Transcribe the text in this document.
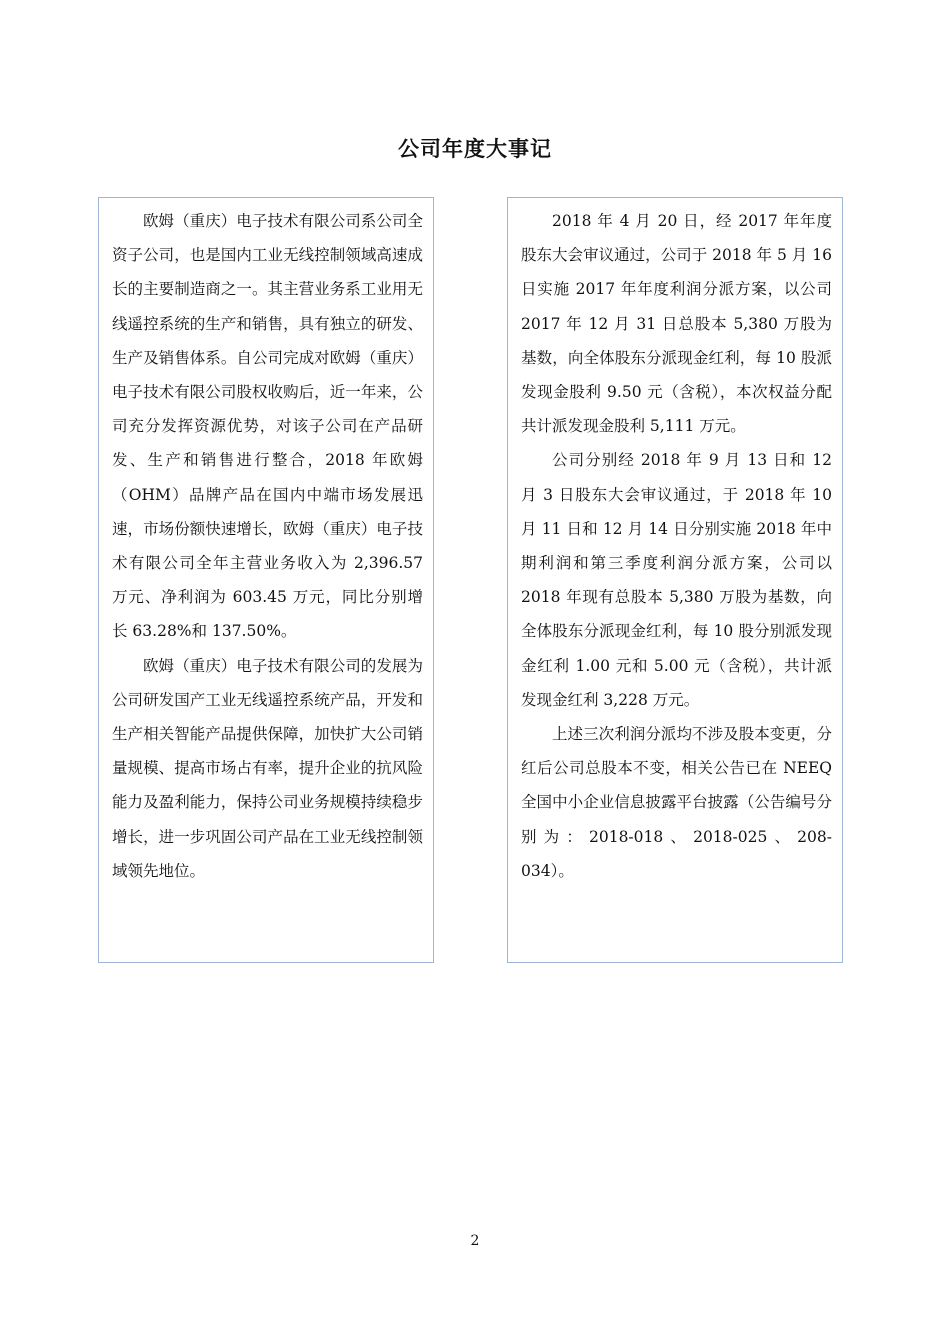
公司年度大事记

欧姆（重庆）电子技术有限公司系公司全资子公司，也是国内工业无线控制领域高速成长的主要制造商之一。其主营业务系工业用无线遥控系统的生产和销售，具有独立的研发、生产及销售体系。自公司完成对欧姆（重庆）电子技术有限公司股权收购后，近一年来，公司充分发挥资源优势，对该子公司在产品研发、生产和销售进行整合，2018 年欧姆（OHM）品牌产品在国内中端市场发展迅速，市场份额快速增长，欧姆（重庆）电子技术有限公司全年主营业务收入为 2,396.57 万元、净利润为 603.45 万元，同比分别增长 63.28%和 137.50%。

欧姆（重庆）电子技术有限公司的发展为公司研发国产工业无线遥控系统产品，开发和生产相关智能产品提供保障，加快扩大公司销量规模、提高市场占有率，提升企业的抗风险能力及盈利能力，保持公司业务规模持续稳步增长，进一步巩固公司产品在工业无线控制领域领先地位。

2018 年 4 月 20 日，经 2017 年年度股东大会审议通过，公司于 2018 年 5 月 16 日实施 2017 年年度利润分派方案，以公司 2017 年 12 月 31 日总股本 5,380 万股为基数，向全体股东分派现金红利，每 10 股派发现金股利 9.50 元（含税），本次权益分配共计派发现金股利 5,111 万元。

公司分别经 2018 年 9 月 13 日和 12 月 3 日股东大会审议通过，于 2018 年 10 月 11 日和 12 月 14 日分别实施 2018 年中期利润和第三季度利润分派方案，公司以 2018 年现有总股本 5,380 万股为基数，向全体股东分派现金红利，每 10 股分别派发现金红利 1.00 元和 5.00 元（含税），共计派发现金红利 3,228 万元。

上述三次利润分派均不涉及股本变更，分红后公司总股本不变，相关公告已在 NEEQ 全国中小企业信息披露平台披露（公告编号分别为：2018-018、2018-025、208-034）。

2
